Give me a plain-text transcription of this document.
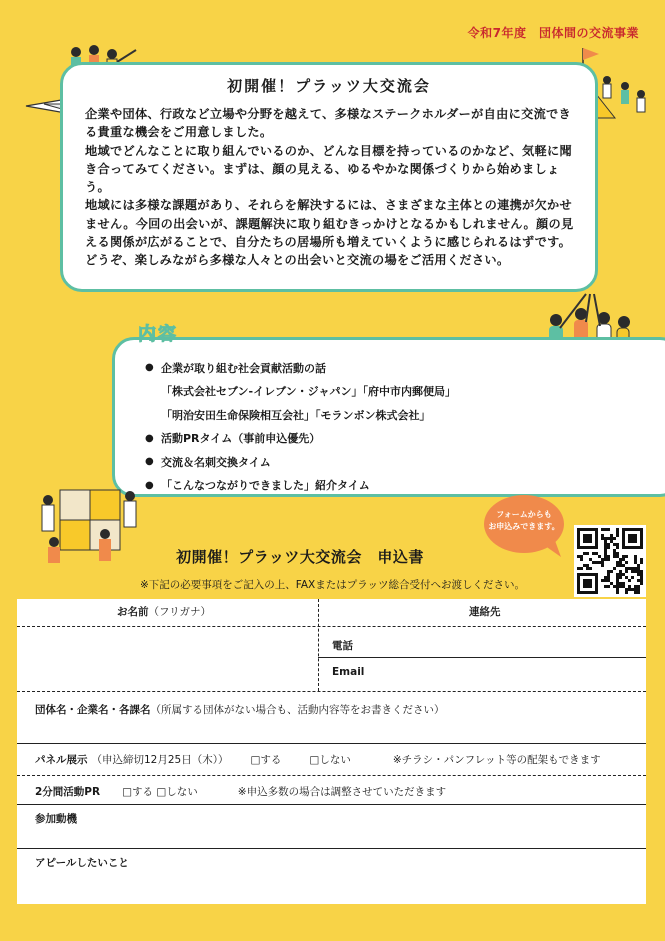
令和7年度　団体間の交流事業
初開催！プラッツ大交流会

企業や団体、行政など立場や分野を越えて、多様なステークホルダーが自由に交流できる貴重な機会をご用意しました。

地域でどんなことに取り組んでいるのか、どんな目標を持っているのかなど、気軽に聞き合ってみてください。まずは、顔の見える、ゆるやかな関係づくりから始めましょう。

地域には多様な課題があり、それらを解決するには、さまざまな主体との連携が欠かせません。今回の出会いが、課題解決に取り組むきっかけとなるかもしれません。顔の見える関係が広がることで、自分たちの居場所も増えていくように感じられるはずです。

どうぞ、楽しみながら多様な人々との出会いと交流の場をご活用ください。

● 企業が取り組む社会貢献活動の話
「株式会社セブン-イレブン・ジャパン」「府中市内郵便局」
「明治安田生命保険相互会社」「モランボン株式会社」
● 活動PRタイム（事前申込優先）
● 交流＆名刺交換タイム
● 「こんなつながりできました」紹介タイム
内容
フォームからも
お申込みできます。
初開催！プラッツ大交流会　申込書
※下記の必要事項をご記入の上、FAXまたはプラッツ総合受付へお渡しください。
お名前（フリガナ）	連絡先
電話
Email
団体名・企業名・各課名（所属する団体がない場合も、活動内容等をお書きください）
パネル展示 （申込締切12月25日（木）） □する	□しない	※チラシ・パンフレット等の配架もできます
2分間活動PR □する □しない	※申込多数の場合は調整させていただきます
参加動機
アピールしたいこと
